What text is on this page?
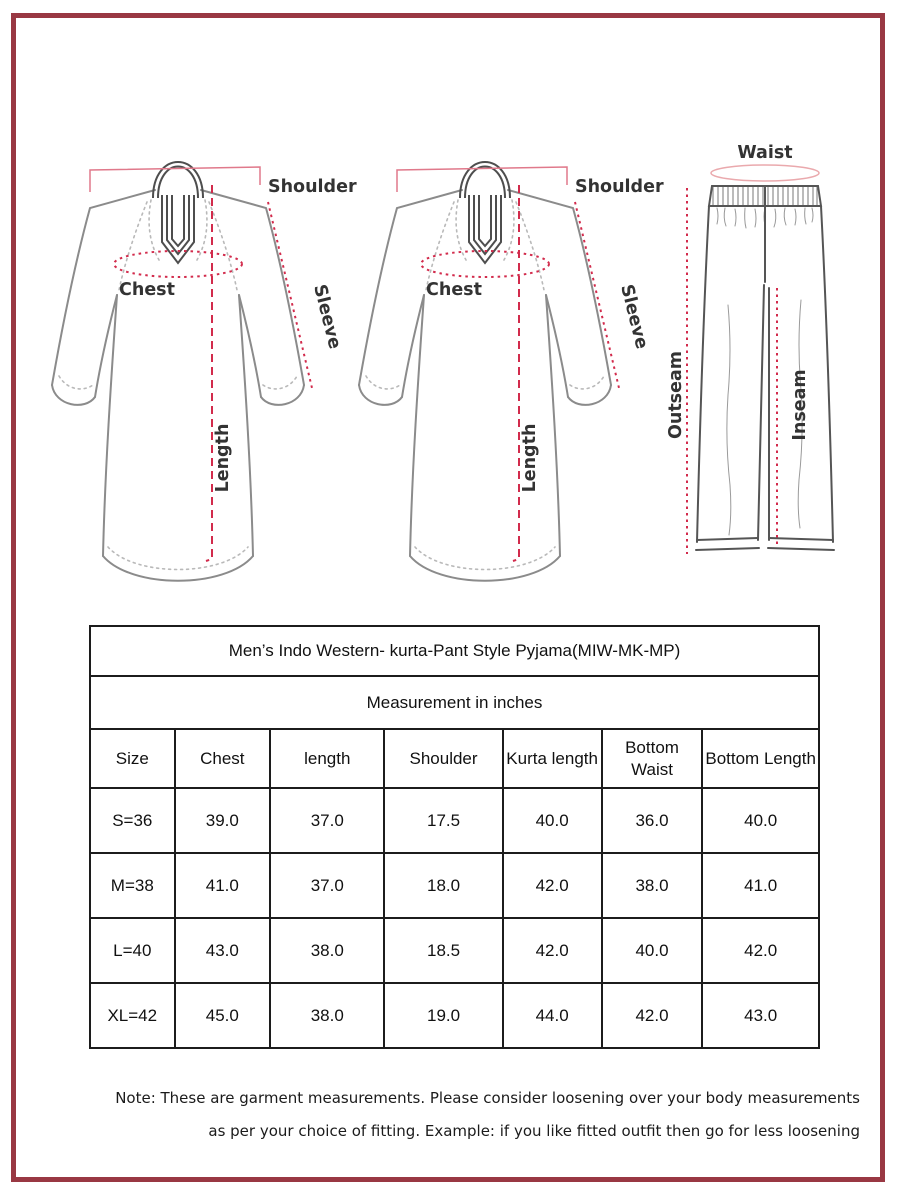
Shoulder
Chest	Sleeve
Length
Shoulder
Chest	Sleeve
Length
Waist
Outseam	Inseam
Men’s Indo Western- kurta-Pant Style Pyjama(MIW-MK-MP)						
Measurement in inches						
Size	Chest	length	Shoulder	Kurta length	Bottom Waist	Bottom Length
S=36	39.0	37.0	17.5	40.0	36.0	40.0
M=38	41.0	37.0	18.0	42.0	38.0	41.0
L=40	43.0	38.0	18.5	42.0	40.0	42.0
XL=42	45.0	38.0	19.0	44.0	42.0	43.0
Note: These are garment measurements. Please consider loosening over your body measurements
as per your choice of fitting. Example: if you like fitted outfit then go for less loosening
